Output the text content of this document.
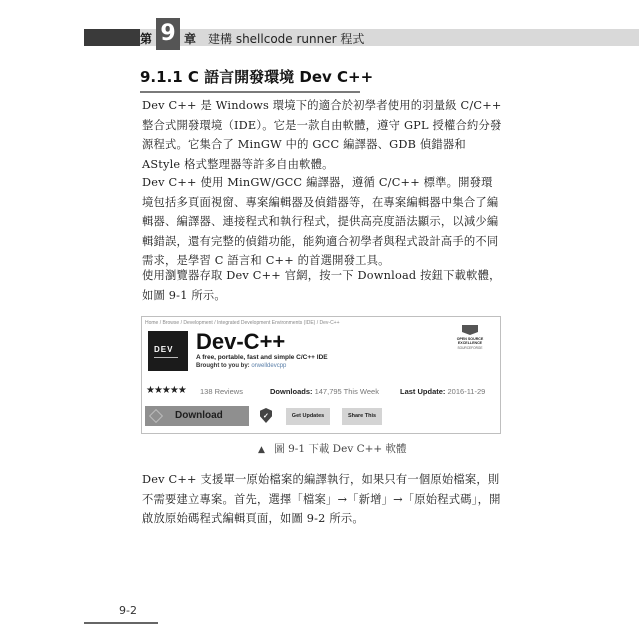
第 9 章 建構 shellcode runner 程式
9.1.1 C 語言開發環境 Dev C++

Dev C++ 是 Windows 環境下的適合於初學者使用的羽量級 C/C++ 整合式開發環境（IDE）。它是一款自由軟體，遵守 GPL 授權合約分發源程式。它集合了 MinGW 中的 GCC 編譯器、GDB 偵錯器和 AStyle 格式整理器等許多自由軟體。

Dev C++ 使用 MinGW/GCC 編譯器，遵循 C/C++ 標準。開發環境包括多頁面視窗、專案編輯器及偵錯器等，在專案編輯器中集合了編輯器、編譯器、連接程式和執行程式，提供高亮度語法顯示，以減少編輯錯誤，還有完整的偵錯功能，能夠適合初學者與程式設計高手的不同需求，是學習 C 語言和 C++ 的首選開發工具。

使用瀏覽器存取 Dev C++ 官網，按一下 Download 按鈕下載軟體，如圖 9-1 所示。

Home / Browse / Development / Integrated Development Environments (IDE) / Dev-C++
DEV Dev-C++
A free, portable, fast and simple C/C++ IDE
Brought to you by: orwelldevcpp
OPEN SOURCE EXCELLENCE
SOURCEFORGE
★★★★★ 138 Reviews	Downloads: 147,795 This Week	Last Update: 2016-11-29
Download	✓	Get Updates	Share This
▲ 圖 9-1 下載 Dev C++ 軟體

Dev C++ 支援單一原始檔案的編譯執行，如果只有一個原始檔案，則不需要建立專案。首先，選擇「檔案」→「新增」→「原始程式碼」，開啟放原始碼程式編輯頁面，如圖 9-2 所示。

9-2
